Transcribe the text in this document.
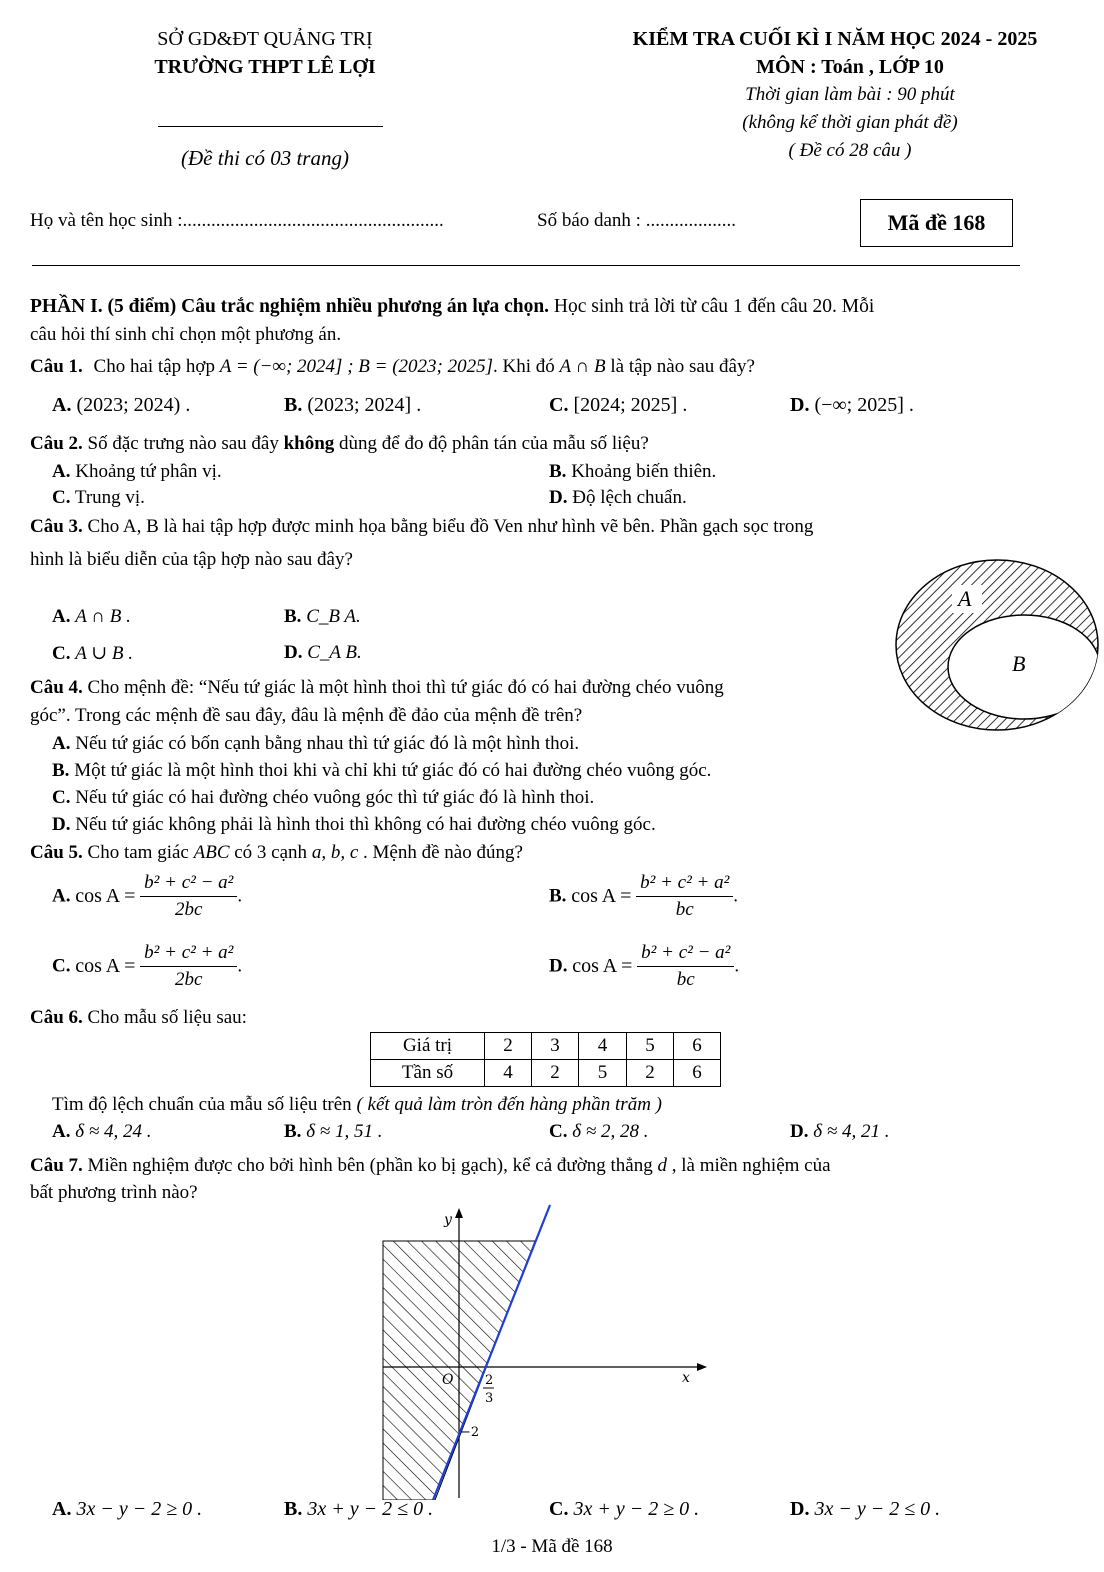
SỞ GD&ĐT QUẢNG TRỊ
TRƯỜNG THPT LÊ LỢI
(Đề thi có 03 trang)
KIỂM TRA CUỐI KÌ I NĂM HỌC 2024 - 2025
MÔN : Toán , LỚP 10
Thời gian làm bài : 90 phút
(không kể thời gian phát đề)
( Đề có 28 câu )
Họ và tên học sinh :.......................................................	Số báo danh : ...................	Mã đề 168
PHẦN I. (5 điểm) Câu trắc nghiệm nhiều phương án lựa chọn. Học sinh trả lời từ câu 1 đến câu 20. Mỗi
câu hỏi thí sinh chỉ chọn một phương án.
Câu 1. Cho hai tập hợp A = (−∞; 2024] ; B = (2023; 2025]. Khi đó A ∩ B là tập nào sau đây?
A. (2023; 2024) .	B. (2023; 2024] .	C. [2024; 2025] .	D. (−∞; 2025] .
Câu 2. Số đặc trưng nào sau đây không dùng để đo độ phân tán của mẫu số liệu?
A. Khoảng tứ phân vị.	B. Khoảng biến thiên.
C. Trung vị.	D. Độ lệch chuẩn.
Câu 3. Cho A, B là hai tập hợp được minh họa bằng biểu đồ Ven như hình vẽ bên. Phần gạch sọc trong
hình là biểu diễn của tập hợp nào sau đây?
A. A ∩ B .	B. C_B A.
C. A ∪ B .	D. C_A B.
A
B
Câu 4. Cho mệnh đề: “Nếu tứ giác là một hình thoi thì tứ giác đó có hai đường chéo vuông
góc”. Trong các mệnh đề sau đây, đâu là mệnh đề đảo của mệnh đề trên?
A. Nếu tứ giác có bốn cạnh bằng nhau thì tứ giác đó là một hình thoi.
B. Một tứ giác là một hình thoi khi và chỉ khi tứ giác đó có hai đường chéo vuông góc.
C. Nếu tứ giác có hai đường chéo vuông góc thì tứ giác đó là hình thoi.
D. Nếu tứ giác không phải là hình thoi thì không có hai đường chéo vuông góc.
Câu 5. Cho tam giác ABC có 3 cạnh a, b, c . Mệnh đề nào đúng?
A. $\cos A = \frac{\text{b² + c² − a²}}{2bc}$ .	B. $\cos A = \frac{\text{b² + c² + a²}}{bc}$ .
C. $\cos A = \frac{\text{b² + c² + a²}}{2bc}$ .	D. $\cos A = \frac{\text{b² + c² − a²}}{bc}$ .
Câu 6. Cho mẫu số liệu sau:
Giá trị	2	3	4	5	6
Tần số	4	2	5	2	6
Tìm độ lệch chuẩn của mẫu số liệu trên ( kết quả làm tròn đến hàng phần trăm )
A. δ ≈ 4, 24 .	B. δ ≈ 1, 51 .	C. δ ≈ 2, 28 .	D. δ ≈ 4, 21 .
Câu 7. Miền nghiệm được cho bởi hình bên (phần ko bị gạch), kể cả đường thẳng d , là miền nghiệm của
bất phương trình nào?
y
x
O 2
3
−2
A. 3x − y − 2 ≥ 0 .	B. 3x + y − 2 ≤ 0 .	C. 3x + y − 2 ≥ 0 .	D. 3x − y − 2 ≤ 0 .
1/3 - Mã đề 168
